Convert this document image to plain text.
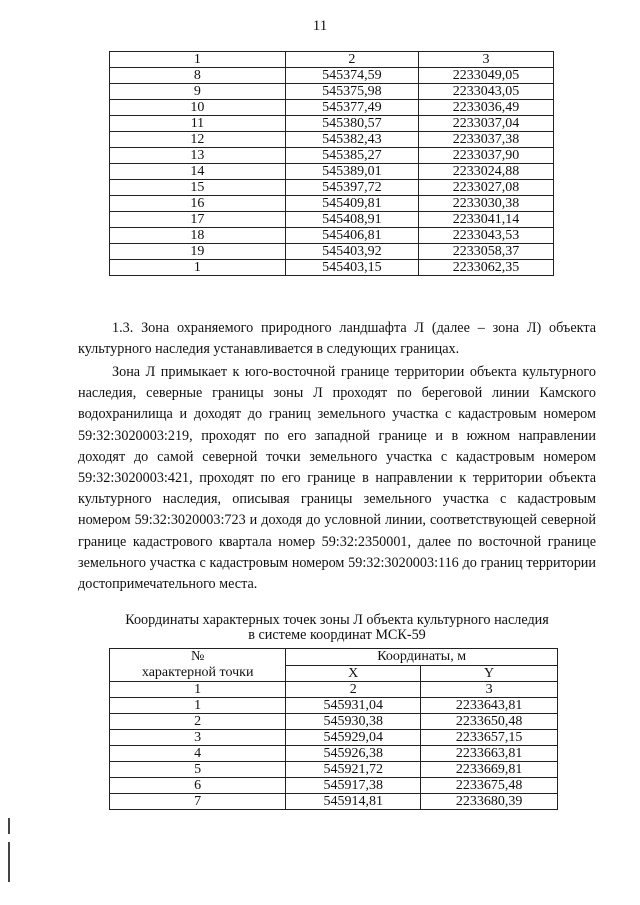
11
1	2	3
8	545374,59	2233049,05
9	545375,98	2233043,05
10	545377,49	2233036,49
11	545380,57	2233037,04
12	545382,43	2233037,38
13	545385,27	2233037,90
14	545389,01	2233024,88
15	545397,72	2233027,08
16	545409,81	2233030,38
17	545408,91	2233041,14
18	545406,81	2233043,53
19	545403,92	2233058,37
1	545403,15	2233062,35

1.3. Зона охраняемого природного ландшафта Л (далее – зона Л) объекта культурного наследия устанавливается в следующих границах.

Зона Л примыкает к юго-восточной границе территории объекта культурного наследия, северные границы зоны Л проходят по береговой линии Камского водохранилища и доходят до границ земельного участка с кадастровым номером 59:32:3020003:219, проходят по его западной границе и в южном направлении доходят до самой северной точки земельного участка с кадастровым номером 59:32:3020003:421, проходят по его границе в направлении к территории объекта культурного наследия, описывая границы земельного участка с кадастровым номером 59:32:3020003:723 и доходя до условной линии, соответствующей северной границе кадастрового квартала номер 59:32:2350001, далее по восточной границе земельного участка с кадастровым номером 59:32:3020003:116 до границ территории достопримечательного места.

Координаты характерных точек зоны Л объекта культурного наследия
в системе координат МСК-59
№
характерной точки	Координаты, м	
	X	Y
1	2	3
1	545931,04	2233643,81
2	545930,38	2233650,48
3	545929,04	2233657,15
4	545926,38	2233663,81
5	545921,72	2233669,81
6	545917,38	2233675,48
7	545914,81	2233680,39
